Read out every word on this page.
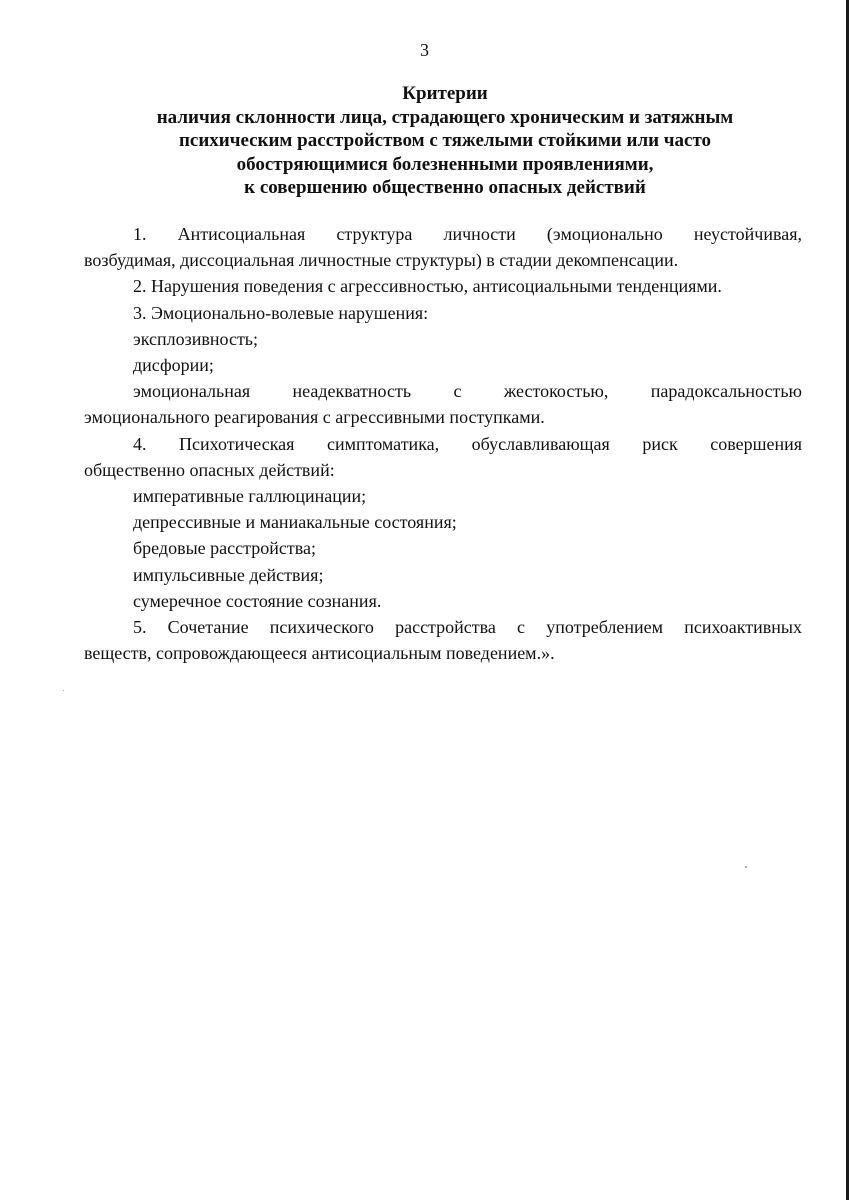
3
Критерии
наличия склонности лица, страдающего хроническим и затяжным
психическим расстройством с тяжелыми стойкими или часто
обостряющимися болезненными проявлениями,
к совершению общественно опасных действий

1. Антисоциальная структура личности (эмоционально неустойчивая,

возбудимая, диссоциальная личностные структуры) в стадии декомпенсации.

2. Нарушения поведения с агрессивностью, антисоциальными тенденциями.

3. Эмоционально-волевые нарушения:

эксплозивность;

дисфории;

эмоциональная неадекватность с жестокостью, парадоксальностью

эмоционального реагирования с агрессивными поступками.

4. Психотическая симптоматика, обуславливающая риск совершения

общественно опасных действий:

императивные галлюцинации;

депрессивные и маниакальные состояния;

бредовые расстройства;

импульсивные действия;

сумеречное состояние сознания.

5. Сочетание психического расстройства с употреблением психоактивных

веществ, сопровождающееся антисоциальным поведением.».
